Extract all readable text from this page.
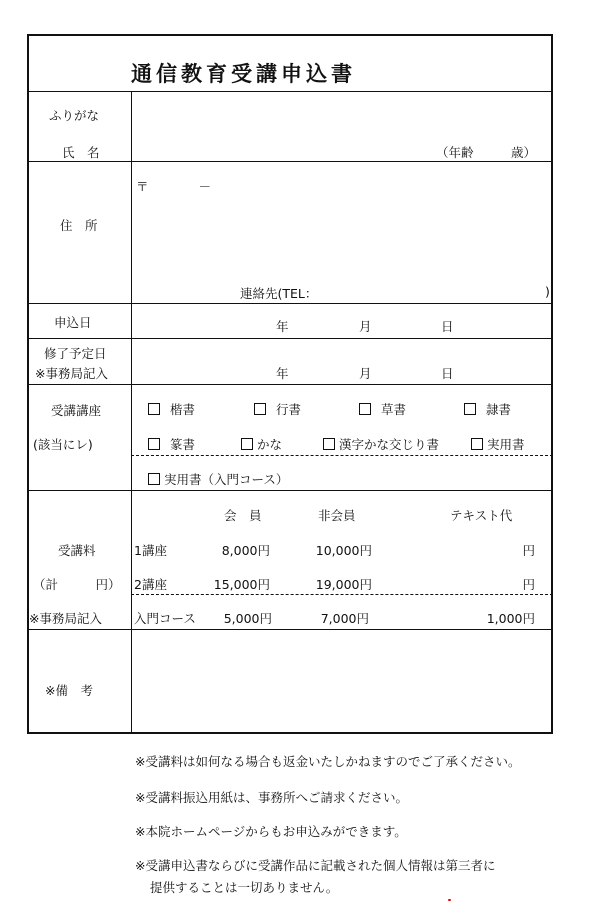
通信教育受講申込書
ふりがな
氏　名	（年齢　　　歳）
住　所
〒　　　　－
連絡先(TEL：	)
申込日	年	月	日
修了予定日
※事務局記入	年	月	日
受講講座
(該当にレ)
楷書	行書	草書	隷書
篆書	かな	漢字かな交じり書	実用書
実用書（入門コース）
受講料
（計　　　円）
※事務局記入
会　員	非会員	テキスト代
1講座	8,000円	10,000円	円
2講座	15,000円	19,000円	円
入門コース 5,000円	7,000円	1,000円
※備　考
※受講料は如何なる場合も返金いたしかねますのでご了承ください。
※受講料振込用紙は、事務所へご請求ください。
※本院ホームページからもお申込みができます。
※受講申込書ならびに受講作品に記載された個人情報は第三者に
提供することは一切ありません。
